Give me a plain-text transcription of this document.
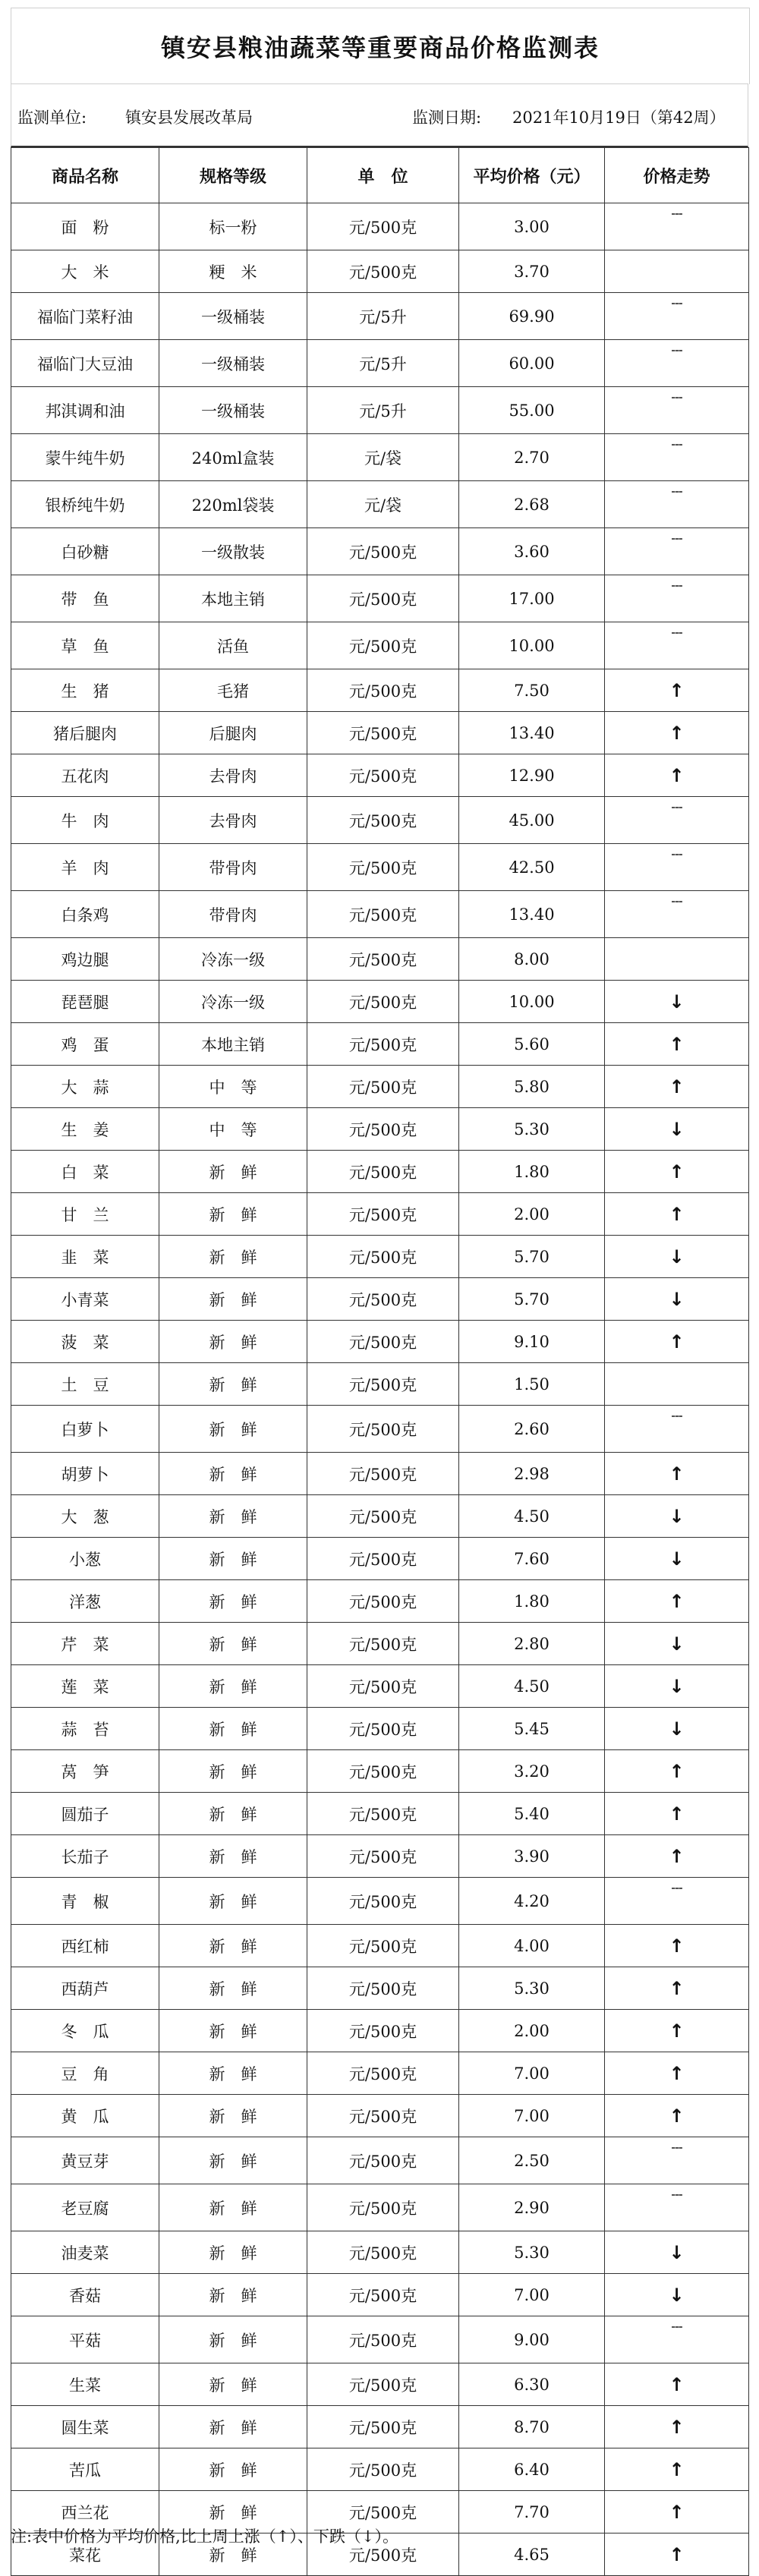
镇安县粮油蔬菜等重要商品价格监测表
监测单位: 镇安县发展改革局	监测日期: 2021年10月19日（第42周）
商品名称	规格等级	单　位	平均价格（元）	价格走势
面　粉	标一粉	元/500克	3.00	---
大　米	粳　米	元/500克	3.70	
福临门菜籽油	一级桶装	元/5升	69.90	---
福临门大豆油	一级桶装	元/5升	60.00	---
邦淇调和油	一级桶装	元/5升	55.00	---
蒙牛纯牛奶	240ml盒装	元/袋	2.70	---
银桥纯牛奶	220ml袋装	元/袋	2.68	---
白砂糖	一级散装	元/500克	3.60	---
带　鱼	本地主销	元/500克	17.00	---
草　鱼	活鱼	元/500克	10.00	---
生　猪	毛猪	元/500克	7.50	↑
猪后腿肉	后腿肉	元/500克	13.40	↑
五花肉	去骨肉	元/500克	12.90	↑
牛　肉	去骨肉	元/500克	45.00	---
羊　肉	带骨肉	元/500克	42.50	---
白条鸡	带骨肉	元/500克	13.40	---
鸡边腿	冷冻一级	元/500克	8.00	
琵琶腿	冷冻一级	元/500克	10.00	↓
鸡　蛋	本地主销	元/500克	5.60	↑
大　蒜	中　等	元/500克	5.80	↑
生　姜	中　等	元/500克	5.30	↓
白　菜	新　鲜	元/500克	1.80	↑
甘　兰	新　鲜	元/500克	2.00	↑
韭　菜	新　鲜	元/500克	5.70	↓
小青菜	新　鲜	元/500克	5.70	↓
菠　菜	新　鲜	元/500克	9.10	↑
土　豆	新　鲜	元/500克	1.50	
白萝卜	新　鲜	元/500克	2.60	---
胡萝卜	新　鲜	元/500克	2.98	↑
大　葱	新　鲜	元/500克	4.50	↓
小葱	新　鲜	元/500克	7.60	↓
洋葱	新　鲜	元/500克	1.80	↑
芹　菜	新　鲜	元/500克	2.80	↓
莲　菜	新　鲜	元/500克	4.50	↓
蒜　苔	新　鲜	元/500克	5.45	↓
莴　笋	新　鲜	元/500克	3.20	↑
圆茄子	新　鲜	元/500克	5.40	↑
长茄子	新　鲜	元/500克	3.90	↑
青　椒	新　鲜	元/500克	4.20	---
西红柿	新　鲜	元/500克	4.00	↑
西葫芦	新　鲜	元/500克	5.30	↑
冬　瓜	新　鲜	元/500克	2.00	↑
豆　角	新　鲜	元/500克	7.00	↑
黄　瓜	新　鲜	元/500克	7.00	↑
黄豆芽	新　鲜	元/500克	2.50	---
老豆腐	新　鲜	元/500克	2.90	---
油麦菜	新　鲜	元/500克	5.30	↓
香菇	新　鲜	元/500克	7.00	↓
平菇	新　鲜	元/500克	9.00	---
生菜	新　鲜	元/500克	6.30	↑
圆生菜	新　鲜	元/500克	8.70	↑
苦瓜	新　鲜	元/500克	6.40	↑
西兰花	新　鲜	元/500克	7.70	↑
菜花	新　鲜	元/500克	4.65	↑
注:表中价格为平均价格,比上周上涨（↑）、下跌（↓）。
